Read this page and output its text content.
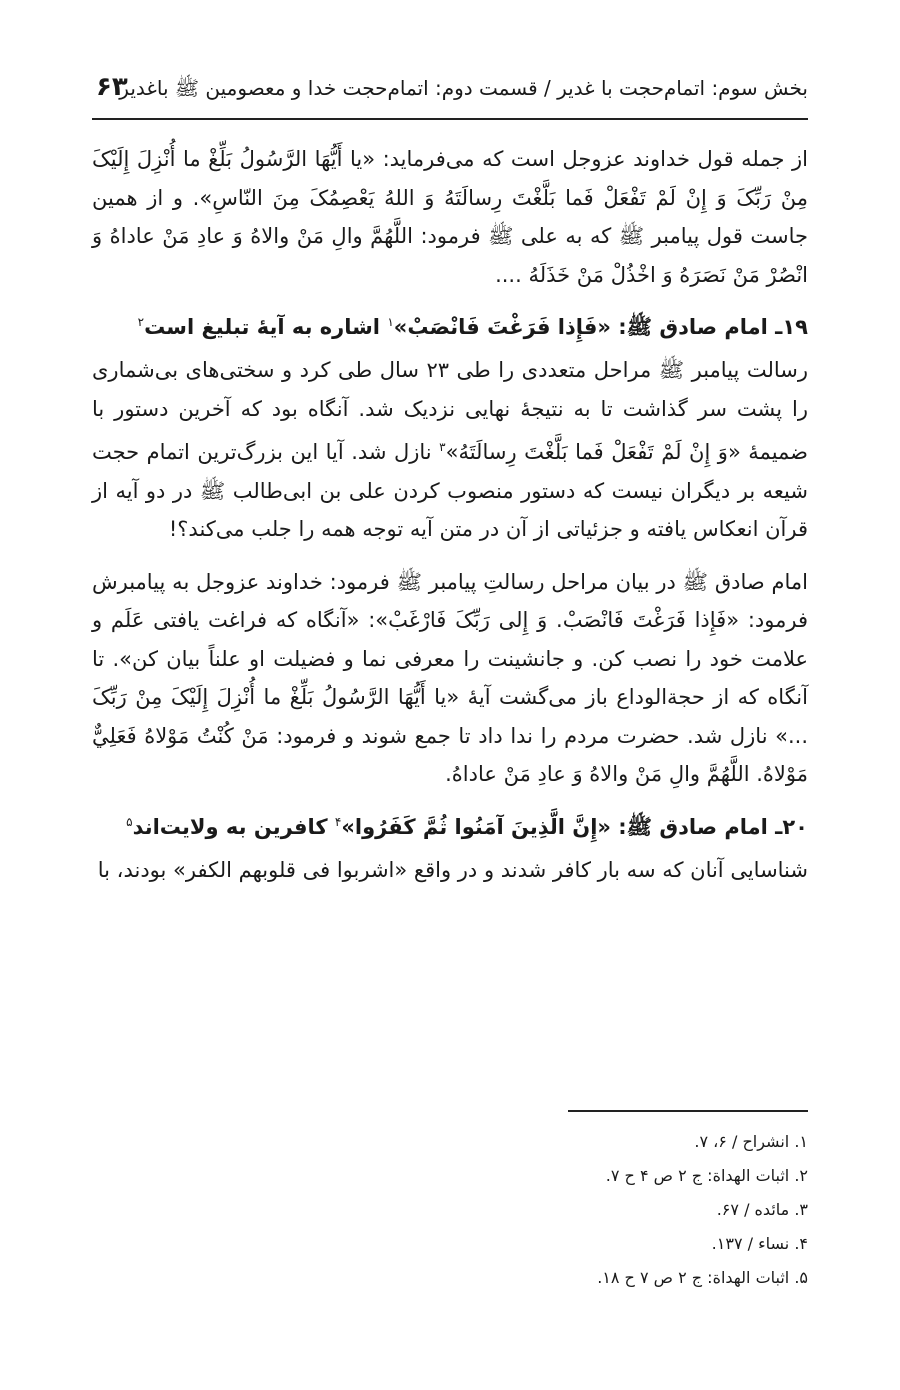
بخش سوم: اتمام‌حجت با غدیر / قسمت دوم: اتمام‌حجت خدا و معصومین ﷺ باغدیر
۶۳

از جمله قول خداوند عزوجل است که می‌فرماید: «یا أَیُّهَا الرَّسُولُ بَلِّغْ ما أُنْزِلَ إِلَیْکَ مِنْ رَبِّکَ وَ إِنْ لَمْ تَفْعَلْ فَما بَلَّغْتَ رِسالَتَهُ وَ اللهُ یَعْصِمُکَ مِنَ النّاسِ». و از همین جاست قول پیامبر ﷺ که به علی ﷺ فرمود: اللَّهُمَّ والِ مَنْ والاهُ وَ عادِ مَنْ عاداهُ وَ انْصُرْ مَنْ نَصَرَهُ وَ اخْذُلْ مَنْ خَذَلَهُ ....

۱۹ـ امام صادق ﷺ: «فَإِذا فَرَغْتَ فَانْصَبْ»$^۱$ اشاره به آیهٔ تبلیغ است$^۲$

رسالت پیامبر ﷺ مراحل متعددی را طی ۲۳ سال طی کرد و سختی‌های بی‌شماری را پشت سر گذاشت تا به نتیجهٔ نهایی نزدیک شد. آنگاه بود که آخرین دستور با ضمیمهٔ «وَ إِنْ لَمْ تَفْعَلْ فَما بَلَّغْتَ رِسالَتَهُ»$^۳$ نازل شد. آیا این بزرگ‌ترین اتمام حجت شیعه بر دیگران نیست که دستور منصوب کردن علی بن ابی‌طالب ﷺ در دو آیه از قرآن انعکاس یافته و جزئیاتی از آن در متن آیه توجه همه را جلب می‌کند؟!

امام صادق ﷺ در بیان مراحل رسالتِ پیامبر ﷺ فرمود: خداوند عزوجل به پیامبرش فرمود: «فَإِذا فَرَغْتَ فَانْصَبْ. وَ إِلى رَبِّکَ فَارْغَبْ»: «آنگاه که فراغت یافتی عَلَم و علامت خود را نصب کن. و جانشینت را معرفی نما و فضیلت او علناً بیان کن». تا آنگاه که از حجةالوداع باز می‌گشت آیهٔ «یا أَیُّهَا الرَّسُولُ بَلِّغْ ما أُنْزِلَ إِلَیْکَ مِنْ رَبِّکَ ...» نازل شد. حضرت مردم را ندا داد تا جمع شوند و فرمود: مَنْ كُنْتُ مَوْلاهُ فَعَلِيٌّ مَوْلاهُ. اللَّهُمَّ والِ مَنْ والاهُ وَ عادِ مَنْ عاداهُ.

۲۰ـ امام صادق ﷺ: «إِنَّ الَّذِینَ آمَنُوا ثُمَّ كَفَرُوا»$^۴$ کافرین به ولایت‌اند$^۵$

شناسایی آنان که سه بار کافر شدند و در واقع «اشربوا فی قلوبهم الکفر» بودند، با

۱. انشراح / ۶، ۷.

۲. اثبات الهداة: ج ۲ ص ۴ ح ۷.

۳. مائده / ۶۷.

۴. نساء / ۱۳۷.

۵. اثبات الهداة: ج ۲ ص ۷ ح ۱۸.
